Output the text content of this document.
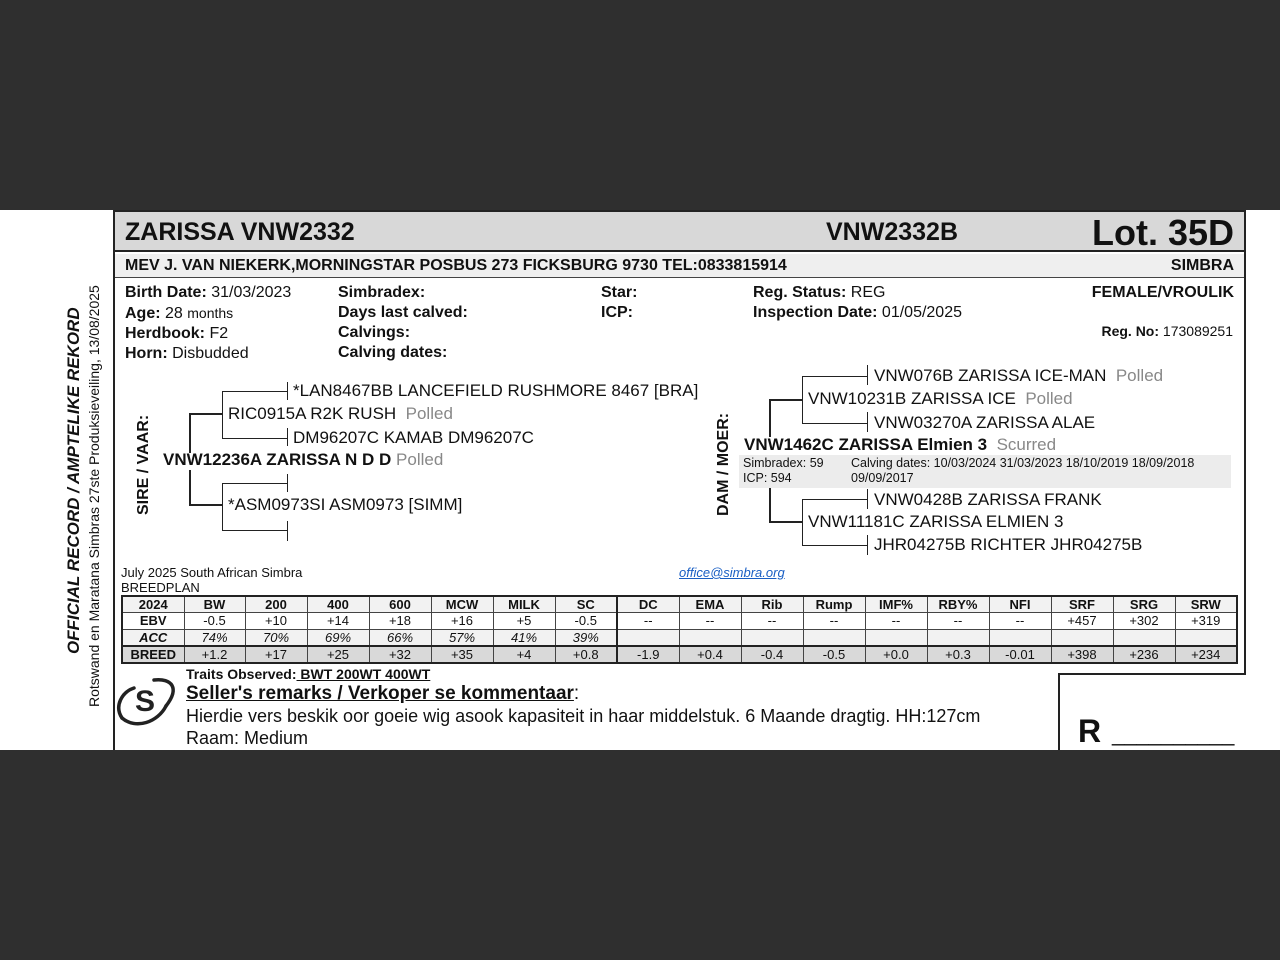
OFFICIAL RECORD / AMPTELIKE REKORD Rotswand en Maratana Simbras 27ste Produksieveiling, 13/08/2025
R __________
ZARISSA VNW2332	VNW2332B	Lot. 35D
MEV J. VAN NIEKERK,MORNINGSTAR POSBUS 273 FICKSBURG 9730 TEL:0833815914	SIMBRA
Birth Date: 31/03/2023
Age: 28 months
Herdbook: F2
Horn: Disbudded
Simbradex:
Days last calved:
Calvings:
Calving dates:
Star:
ICP:
Reg. Status: REG
Inspection Date: 01/05/2025
FEMALE/VROULIK
Reg. No: 173089251
SIRE / VAAR:
*LAN8467BB LANCEFIELD RUSHMORE 8467 [BRA]
RIC0915A R2K RUSH Polled
DM96207C KAMAB DM96207C
VNW12236A ZARISSA N D D Polled
*ASM0973SI ASM0973 [SIMM]	DAM / MOER:
VNW076B ZARISSA ICE-MAN Polled
VNW10231B ZARISSA ICE Polled
VNW03270A ZARISSA ALAE
VNW1462C ZARISSA Elmien 3 Scurred
Simbradex: 59
ICP: 594
Calving dates: 10/03/2024 31/03/2023 18/10/2019 18/09/2018
09/09/2017
VNW0428B ZARISSA FRANK
VNW11181C ZARISSA ELMIEN 3
JHR04275B RICHTER JHR04275B
July 2025 South African Simbra
BREEDPLAN
office@simbra.org
2024	BW	200	400	600	MCW	MILK	SC	DC	EMA	Rib	Rump	IMF%	RBY%	NFI	SRF	SRG	SRW
EBV	-0.5	+10	+14	+18	+16	+5	-0.5	--	--	--	--	--	--	--	+457	+302	+319
ACC	74%	70%	69%	66%	57%	41%	39%										
BREED	+1.2	+17	+25	+32	+35	+4	+0.8	-1.9	+0.4	-0.4	-0.5	+0.0	+0.3	-0.01	+398	+236	+234
S
Traits Observed: BWT 200WT 400WT
Seller's remarks / Verkoper se kommentaar:
Hierdie vers beskik oor goeie wig asook kapasiteit in haar middelstuk. 6 Maande dragtig. HH:127cm
Raam: Medium
